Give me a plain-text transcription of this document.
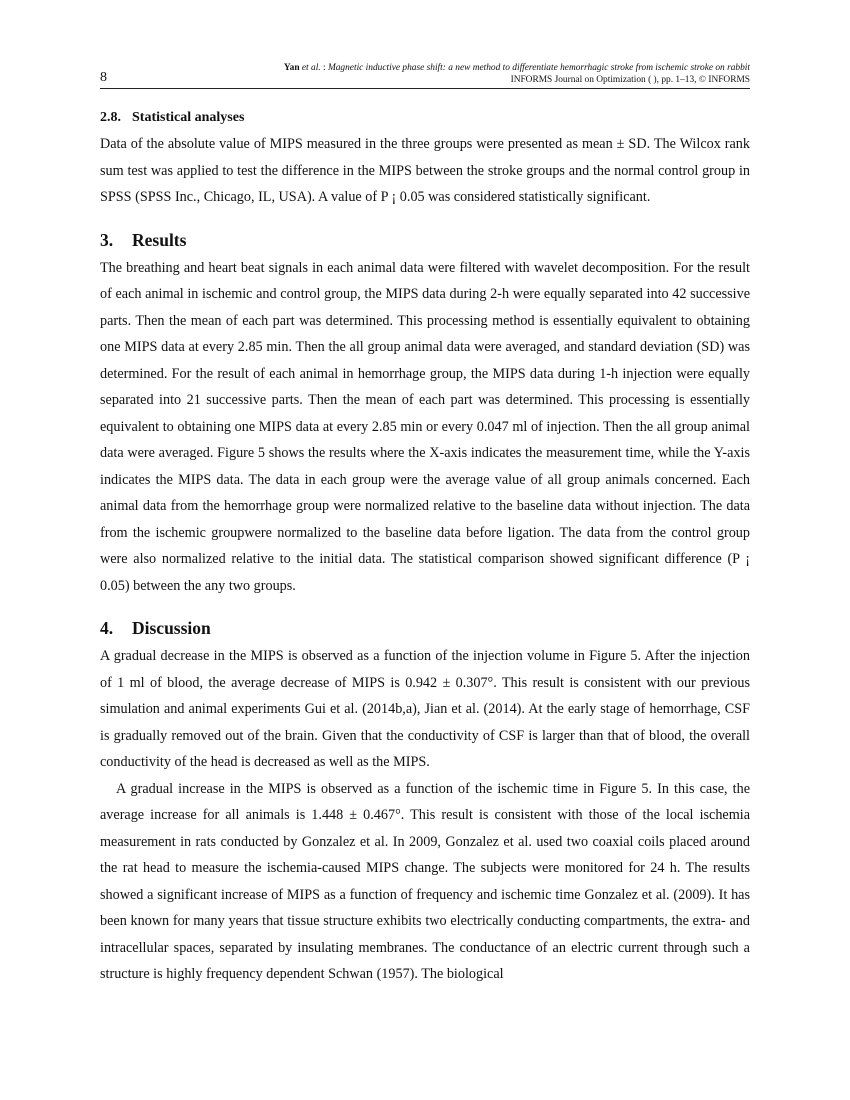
8
Yan et al. : Magnetic inductive phase shift: a new method to differentiate hemorrhagic stroke from ischemic stroke on rabbit
INFORMS Journal on Optimization ( ), pp. 1–13, © INFORMS
2.8. Statistical analyses

Data of the absolute value of MIPS measured in the three groups were presented as mean ± SD. The Wilcox rank sum test was applied to test the difference in the MIPS between the stroke groups and the normal control group in SPSS (SPSS Inc., Chicago, IL, USA). A value of P ¡ 0.05 was considered statistically significant.

3. Results

The breathing and heart beat signals in each animal data were filtered with wavelet decomposition. For the result of each animal in ischemic and control group, the MIPS data during 2-h were equally separated into 42 successive parts. Then the mean of each part was determined. This processing method is essentially equivalent to obtaining one MIPS data at every 2.85 min. Then the all group animal data were averaged, and standard deviation (SD) was determined. For the result of each animal in hemorrhage group, the MIPS data during 1-h injection were equally separated into 21 successive parts. Then the mean of each part was determined. This processing is essentially equivalent to obtaining one MIPS data at every 2.85 min or every 0.047 ml of injection. Then the all group animal data were averaged. Figure 5 shows the results where the X-axis indicates the measurement time, while the Y-axis indicates the MIPS data. The data in each group were the average value of all group animals concerned. Each animal data from the hemorrhage group were normalized relative to the baseline data without injection. The data from the ischemic groupwere normalized to the baseline data before ligation. The data from the control group were also normalized relative to the initial data. The statistical comparison showed significant difference (P ¡ 0.05) between the any two groups.

4. Discussion

A gradual decrease in the MIPS is observed as a function of the injection volume in Figure 5. After the injection of 1 ml of blood, the average decrease of MIPS is 0.942 ± 0.307°. This result is consistent with our previous simulation and animal experiments Gui et al. (2014b,a), Jian et al. (2014). At the early stage of hemorrhage, CSF is gradually removed out of the brain. Given that the conductivity of CSF is larger than that of blood, the overall conductivity of the head is decreased as well as the MIPS.

A gradual increase in the MIPS is observed as a function of the ischemic time in Figure 5. In this case, the average increase for all animals is 1.448 ± 0.467°. This result is consistent with those of the local ischemia measurement in rats conducted by Gonzalez et al. In 2009, Gonzalez et al. used two coaxial coils placed around the rat head to measure the ischemia-caused MIPS change. The subjects were monitored for 24 h. The results showed a significant increase of MIPS as a function of frequency and ischemic time Gonzalez et al. (2009). It has been known for many years that tissue structure exhibits two electrically conducting compartments, the extra- and intracellular spaces, separated by insulating membranes. The conductance of an electric current through such a structure is highly frequency dependent Schwan (1957). The biological
